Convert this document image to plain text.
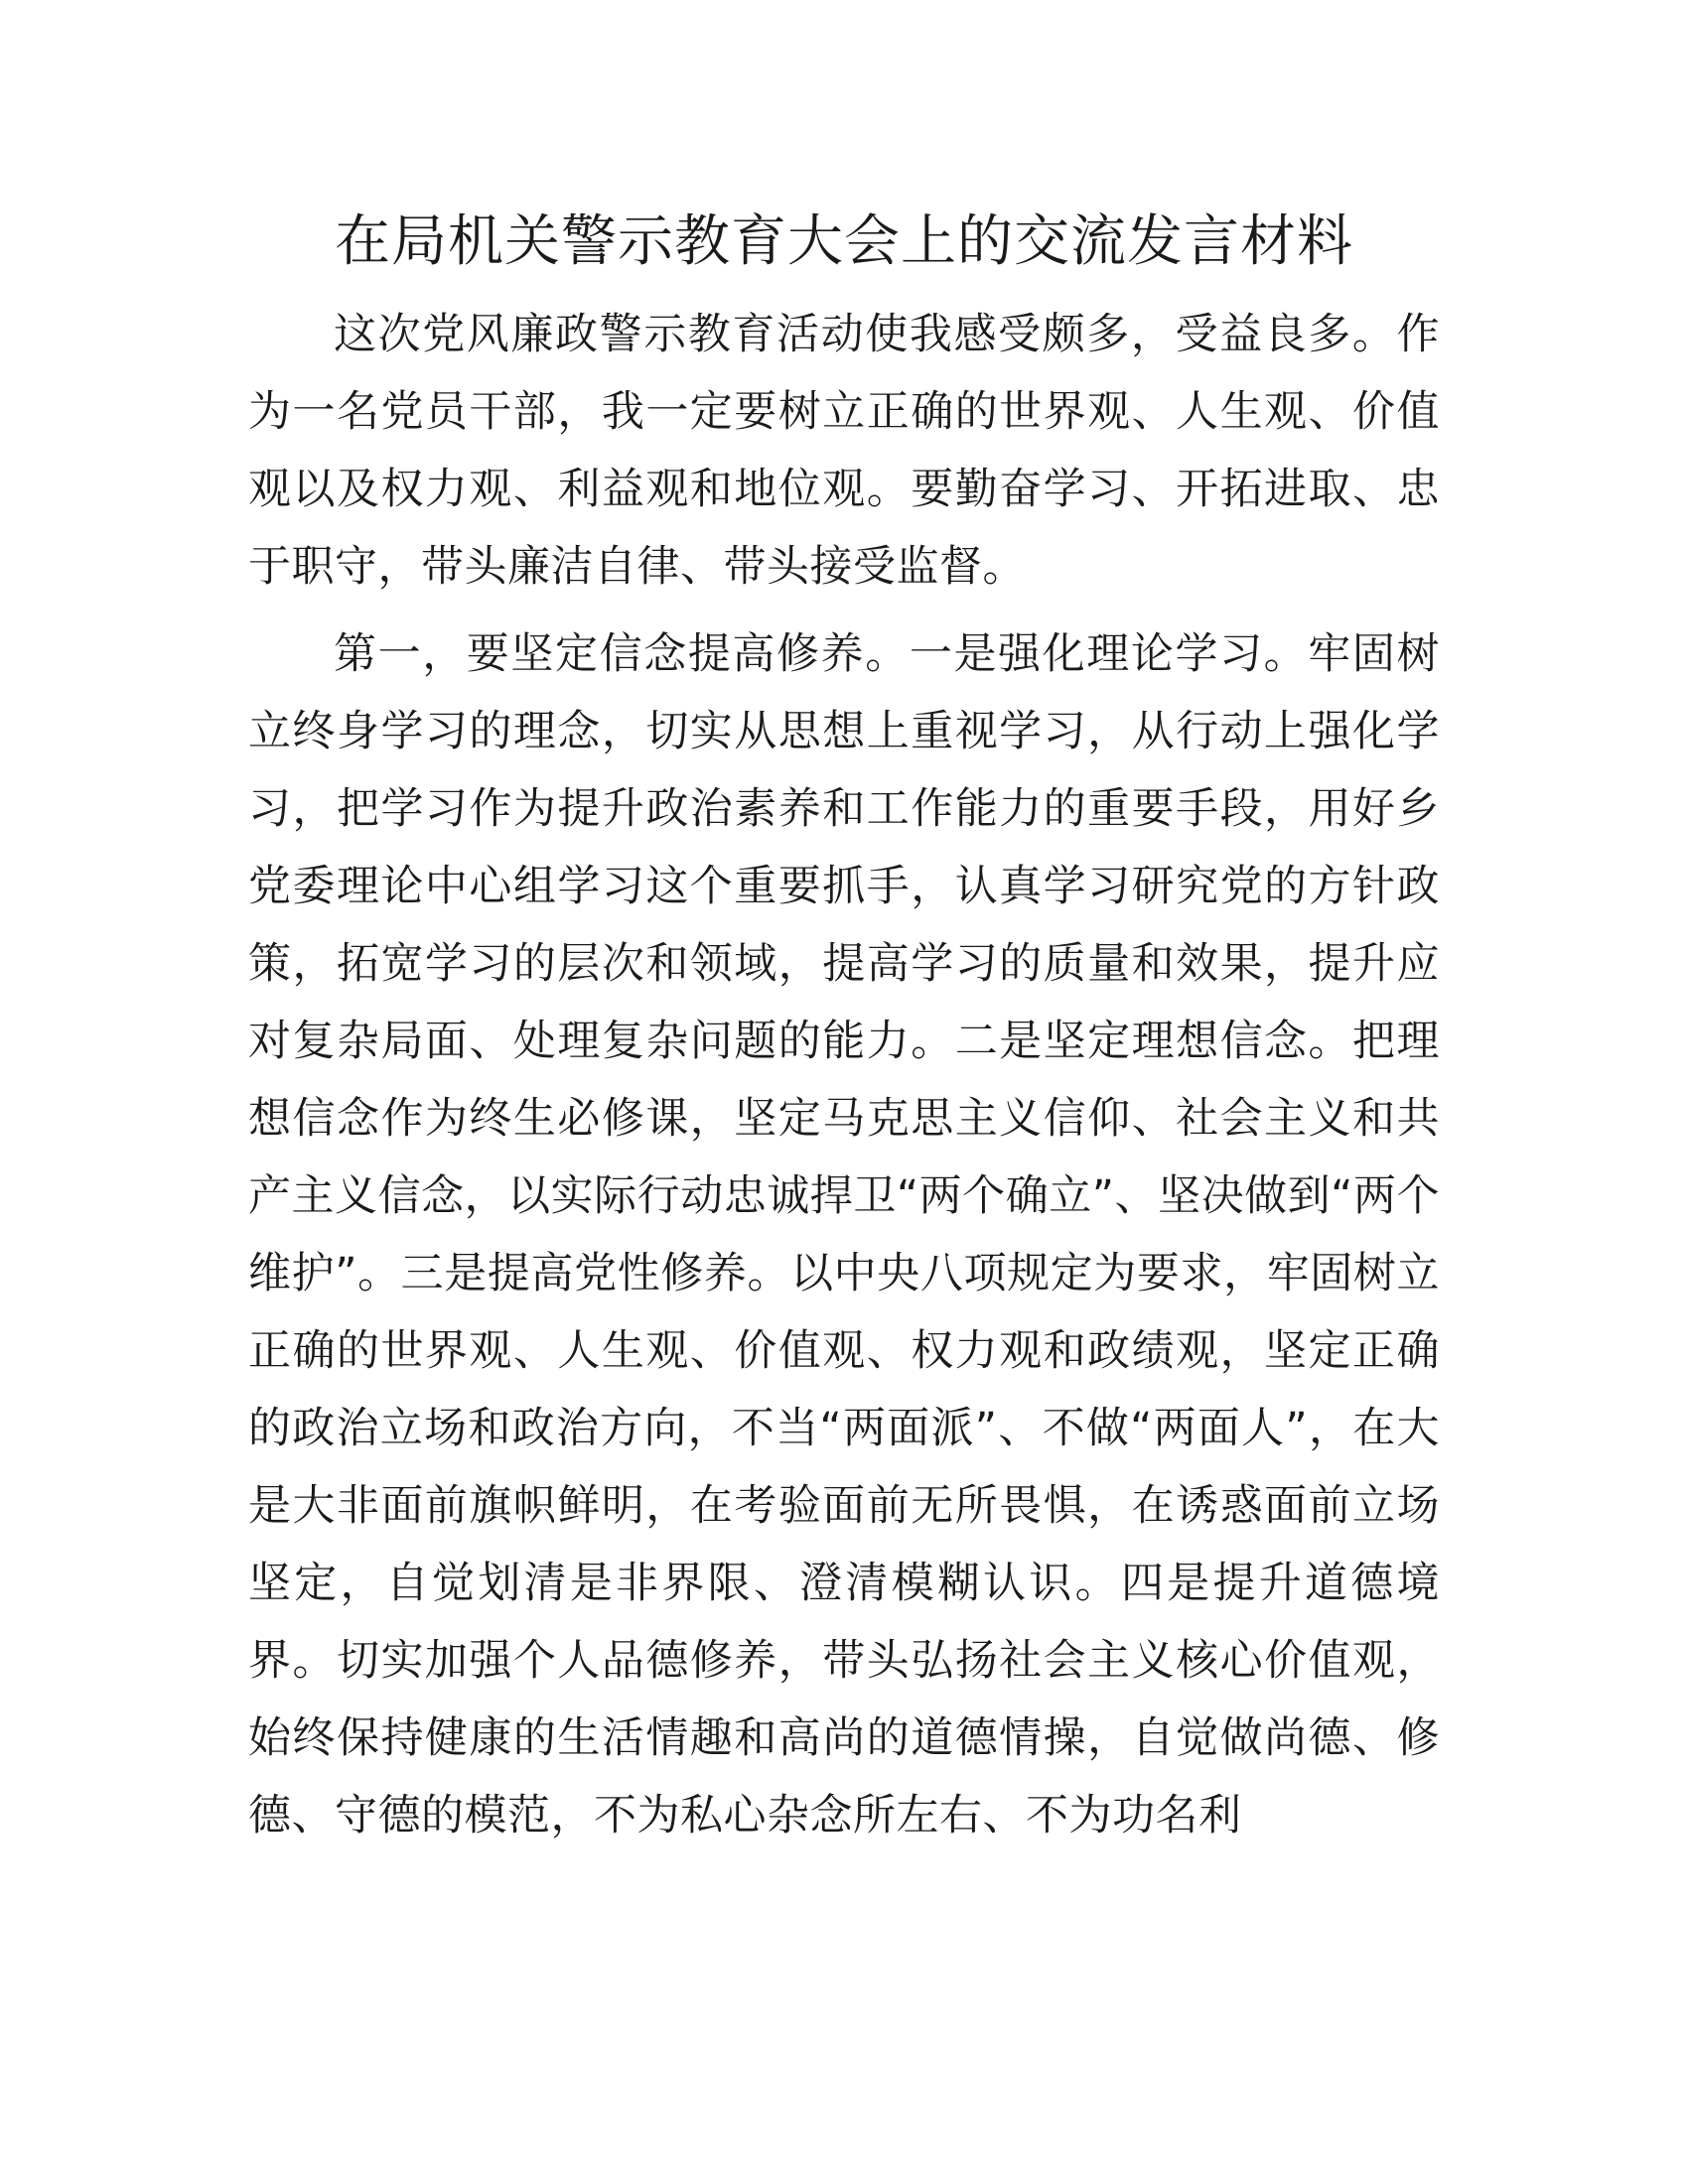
在局机关警示教育大会上的交流发言材料

这次党风廉政警示教育活动使我感受颇多，受益良多。作为一名党员干部，我一定要树立正确的世界观、人生观、价值观以及权力观、利益观和地位观。要勤奋学习、开拓进取、忠于职守，带头廉洁自律、带头接受监督。

第一，要坚定信念提高修养。一是强化理论学习。牢固树立终身学习的理念，切实从思想上重视学习，从行动上强化学习，把学习作为提升政治素养和工作能力的重要手段，用好乡党委理论中心组学习这个重要抓手，认真学习研究党的方针政策，拓宽学习的层次和领域，提高学习的质量和效果，提升应对复杂局面、处理复杂问题的能力。二是坚定理想信念。把理想信念作为终生必修课，坚定马克思主义信仰、社会主义和共产主义信念，以实际行动忠诚捍卫“两个确立”、坚决做到“两个维护”。三是提高党性修养。以中央八项规定为要求，牢固树立正确的世界观、人生观、价值观、权力观和政绩观，坚定正确的政治立场和政治方向，不当“两面派”、不做“两面人”，在大是大非面前旗帜鲜明，在考验面前无所畏惧，在诱惑面前立场坚定，自觉划清是非界限、澄清模糊认识。四是提升道德境界。切实加强个人品德修养，带头弘扬社会主义核心价值观，始终保持健康的生活情趣和高尚的道德情操，自觉做尚德、修德、守德的模范，不为私心杂念所左右、不为功名利
